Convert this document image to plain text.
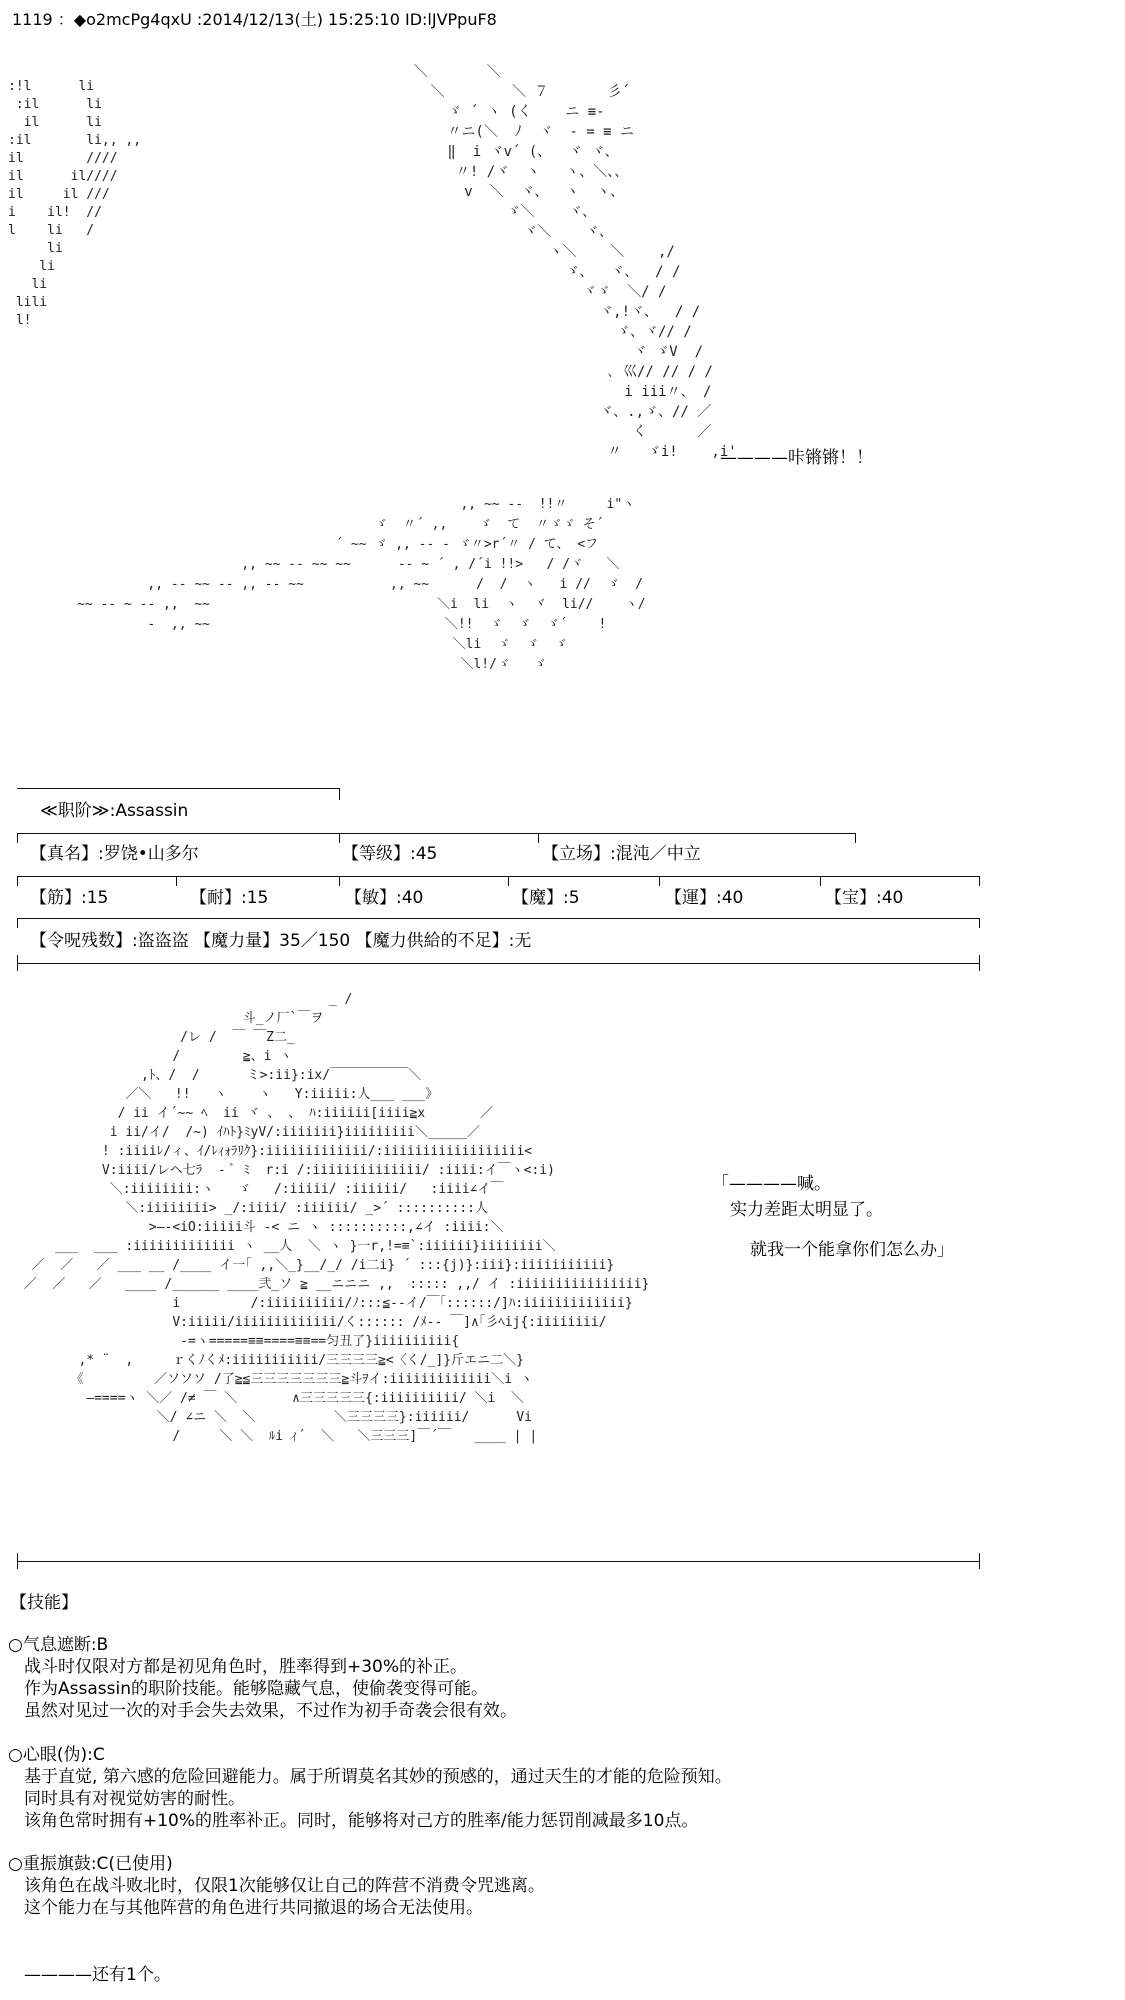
1119 ：◆o2mcPg4qxU :2014/12/13(土) 15:25:10 ID:lJVPpuF8
:!l      li
:il      li
il      li
:il       li,, ,,
il        ////
il      il////
il     il ///
i    il!  //
l    li   /
li
li
li
lili
l!
＼       ＼
＼        ＼ ７       彡´
ゞ ´ ヽ (く    ニ ≡-
〃ニ(＼  ﾉ  ヾ  - = ≡ ニ
‖  i ヾv´ (、  ヾ ヾ、
〃! /ヾ  ヽ   ヽ、＼、、
v  ＼  ヾ、  ヽ  ヽ、
ゞ＼    ヾ、
ヾ＼    ヾ、
ヽ＼    ＼    ,/
ゞ、  ヾ、  / /
ヾゞ  ＼/ /
ヾ,!ヾ、  / /
ゞ、ヾ// /
ヾ ゞV  /
､ 巛// // / /
i iii〃、 /
ヾ、.,ゞ、// ／
く      ／
〃   ゞi!    ,i'

————咔锵锵！！
,, ~~ ‐‐  !!〃     i"ヽ
ゞ  〃´ ,,    ゞ  て  〃ゞゞ そ´
´ ~~ ゞ ,, ‐‐ - ゞ〃>r´〃 / て、 <フ
,, ~~ ‐‐ ~~ ~~      ‐‐ ~ ´ , /´i !!>   / /ヾ   ＼
,, ‐‐ ~~ ‐‐ ,, ‐‐ ~~           ,, ~~      /  /  ヽ   i //  ゞ  /
~~ ‐‐ ~ ‐‐ ,,  ~~                             ＼i  li  ヽ  ヾ  li//    ヽ/
‐  ,, ~~                              ＼!!  ゞ  ゞ  ゞ´    !
＼li  ゞ  ゞ  ゞ
＼l!/ゞ   ゞ
≪职阶≫:Assassin
【真名】:罗饶•山多尔	【等级】:45	【立场】:混沌／中立
【筋】:15	【耐】:15	【敏】:40	【魔】:5	【運】:40	【宝】:40
【令呪残数】:盗盗盗 【魔力量】35／150 【魔力供給的不足】:无
_ /
斗_ノ厂`￣ヲ
/レ /  ￣ ￣Z二_
/        ≧、i ヽ
,ﾄ、/  /      ミ>:ii}:ix/￣￣￣￣￣￣＼
／＼   !!   ヽ    ヽ   Y:iiiii:人___ ___》
/ ii イ´~~ ﾍ  ii ヾ 、 、 ﾊ:iiiiii[iiii≧x       ／
i ii/イ/  /~) ｲﾊﾄ}ﾐyV/:iiiiiii}iiiiiiiii＼_____／
! :iiiiﾚ/ィ、ｲ/ﾚｨｫﾗﾘｸ}:iiiiiiiiiiiii/:iiiiiiiiiiiiiiiiii<
V:iiii/レヘ七ﾗ  ‐ ﾞ ﾐ  r:i /:iiiiiiiiiiiiii/ :iiii:イ￣ヽ<:i)
＼:iiiiiiii:ヽ   ゞ   /:iiiii/ :iiiiii/   :iiii∠イ￣
＼:iiiiiiii> _/:iiii/ :iiiiii/ _>´ ::::::::::人
>―-<iO:iiiii斗 -< ニ ヽ ::::::::::,∠イ :iiii:＼
___  ___ :iiiiiiiiiiiii ヽ __人  ＼ ヽ }一r,!=≡`:iiiiii}iiiiiiii＼
／  ／   ／ ___ __ /____ イ一｢ ,,＼_}__/_/ /i二i} ´ :::{j)}:iii}:iiiiiiiiiii}
／  ／   ／   ____ /______ ____弐_ソ ≧ __ニニニ ,,  ::::: ,,/ イ :iiiiiiiiiiiiiiii}
i         /:iiiiiiiiii/ﾉ:::≦-‐イ/￣｢::::::/]ﾊ:iiiiiiiiiiiii}
V:iiiii/iiiiiiiiiiiii/く:::::: /ﾒ-‐ ￣]∧｢彡ﾍij{:iiiiiiii/
‐=ヽ=====≡≡====≡≡==匀丑了}iiiiiiiiii{
,* ¨  ,     ｒくﾉくﾒ:iiiiiiiiiii/三三三三≧<〈く/_]}斤エニ二＼}
《         ／ソソソ /了≧≦三三三三三三三≧斗ｦイ:iiiiiiiiiiiii＼i ヽ
―====ヽ ＼／ /≠ ￣ ＼       ∧三三三三三{:iiiiiiiiii/ ＼i  ＼
＼/ ∠ニ ＼  ＼          ＼三三三三}:iiiiii/      Vi
/     ＼ ＼  ﾙi ｨ´  ＼   ＼三三三]￣´￣   ____ | |
「————喊。
实力差距太明显了。
就我一个能拿你们怎么办」
【技能】
○气息遮断:B
战斗时仅限对方都是初见角色时，胜率得到+30%的补正。
作为Assassin的职阶技能。能够隐藏气息，使偷袭变得可能。
虽然对见过一次的对手会失去效果，不过作为初手奇袭会很有效。
○心眼(伪):C
基于直觉, 第六感的危险回避能力。属于所谓莫名其妙的预感的，通过天生的才能的危险预知。
同时具有对视觉妨害的耐性。
该角色常时拥有+10%的胜率补正。同时，能够将对己方的胜率/能力惩罚削减最多10点。
○重振旗鼓:C(已使用)
该角色在战斗败北时，仅限1次能够仅让自己的阵营不消费令咒逃离。
这个能力在与其他阵营的角色进行共同撤退的场合无法使用。
————还有1个。
